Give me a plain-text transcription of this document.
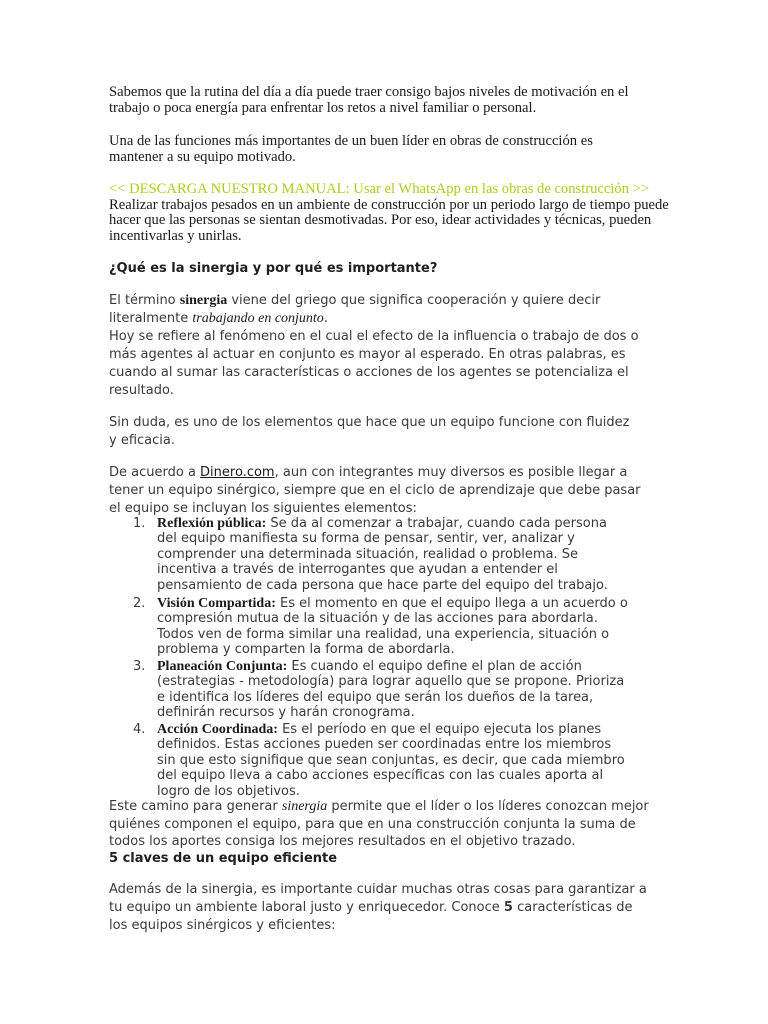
Sabemos que la rutina del día a día puede traer consigo bajos niveles de motivación en el trabajo o poca energía para enfrentar los retos a nivel familiar o personal.

Una de las funciones más importantes de un buen líder en obras de construcción es mantener a su equipo motivado.

<< DESCARGA NUESTRO MANUAL: Usar el WhatsApp en las obras de construcción >>
Realizar trabajos pesados en un ambiente de construcción por un periodo largo de tiempo puede hacer que las personas se sientan desmotivadas. Por eso, idear actividades y técnicas, pueden incentivarlas y unirlas.

¿Qué es la sinergia y por qué es importante?

El término sinergia viene del griego que significa cooperación y quiere decir literalmente trabajando en conjunto.

Hoy se refiere al fenómeno en el cual el efecto de la influencia o trabajo de dos o más agentes al actuar en conjunto es mayor al esperado. En otras palabras, es cuando al sumar las características o acciones de los agentes se potencializa el resultado.

Sin duda, es uno de los elementos que hace que un equipo funcione con fluidez y eficacia.

De acuerdo a Dinero.com, aun con integrantes muy diversos es posible llegar a tener un equipo sinérgico, siempre que en el ciclo de aprendizaje que debe pasar el equipo se incluyan los siguientes elementos:

1. Reflexión pública: Se da al comenzar a trabajar, cuando cada persona del equipo manifiesta su forma de pensar, sentir, ver, analizar y comprender una determinada situación, realidad o problema. Se incentiva a través de interrogantes que ayudan a entender el pensamiento de cada persona que hace parte del equipo del trabajo.
2. Visión Compartida: Es el momento en que el equipo llega a un acuerdo o compresión mutua de la situación y de las acciones para abordarla. Todos ven de forma similar una realidad, una experiencia, situación o problema y comparten la forma de abordarla.
3. Planeación Conjunta: Es cuando el equipo define el plan de acción (estrategias - metodología) para lograr aquello que se propone. Prioriza e identifica los líderes del equipo que serán los dueños de la tarea, definirán recursos y harán cronograma.
4. Acción Coordinada: Es el período en que el equipo ejecuta los planes definidos. Estas acciones pueden ser coordinadas entre los miembros sin que esto signifique que sean conjuntas, es decir, que cada miembro del equipo lleva a cabo acciones específicas con las cuales aporta al logro de los objetivos.

Este camino para generar sinergia permite que el líder o los líderes conozcan mejor quiénes componen el equipo, para que en una construcción conjunta la suma de todos los aportes consiga los mejores resultados en el objetivo trazado.

5 claves de un equipo eficiente

Además de la sinergia, es importante cuidar muchas otras cosas para garantizar a tu equipo un ambiente laboral justo y enriquecedor. Conoce 5 características de los equipos sinérgicos y eficientes:
